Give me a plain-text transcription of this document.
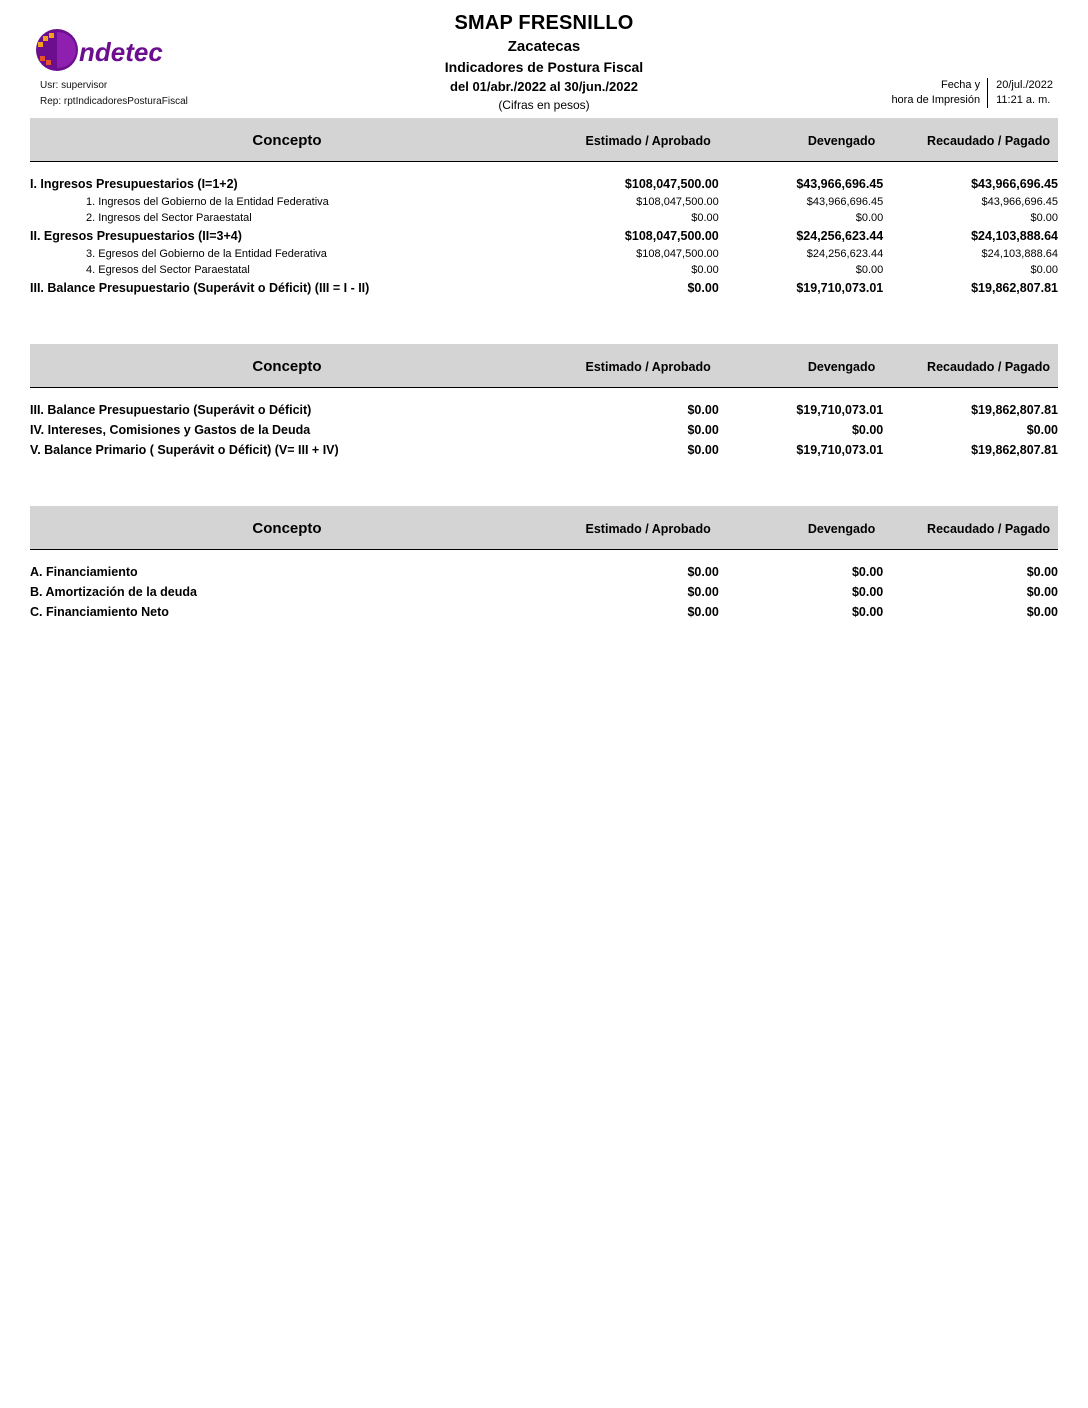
ndetec
SMAP FRESNILLO
Zacatecas
Indicadores de Postura Fiscal
del 01/abr./2022 al 30/jun./2022
(Cifras en pesos)
Usr: supervisor
Rep: rptIndicadoresPosturaFiscal
Fecha y
hora de Impresión
20/jul./2022
11:21 a. m.
Concepto	Estimado / Aprobado	Devengado	Recaudado / Pagado

I. Ingresos Presupuestarios (I=1+2)	$108,047,500.00	$43,966,696.45	$43,966,696.45
1. Ingresos del Gobierno de la Entidad Federativa	$108,047,500.00	$43,966,696.45	$43,966,696.45
2. Ingresos del Sector Paraestatal	$0.00	$0.00	$0.00
II. Egresos Presupuestarios (II=3+4)	$108,047,500.00	$24,256,623.44	$24,103,888.64
3. Egresos del Gobierno de la Entidad Federativa	$108,047,500.00	$24,256,623.44	$24,103,888.64
4. Egresos del Sector Paraestatal	$0.00	$0.00	$0.00
III. Balance Presupuestario (Superávit o Déficit) (III = I - II)	$0.00	$19,710,073.01	$19,862,807.81
Concepto	Estimado / Aprobado	Devengado	Recaudado / Pagado

III. Balance Presupuestario (Superávit o Déficit)	$0.00	$19,710,073.01	$19,862,807.81
IV. Intereses, Comisiones y Gastos de la Deuda	$0.00	$0.00	$0.00
V. Balance Primario ( Superávit o Déficit) (V= III + IV)	$0.00	$19,710,073.01	$19,862,807.81
Concepto	Estimado / Aprobado	Devengado	Recaudado / Pagado

A. Financiamiento	$0.00	$0.00	$0.00
B. Amortización de la deuda	$0.00	$0.00	$0.00
C. Financiamiento Neto	$0.00	$0.00	$0.00
